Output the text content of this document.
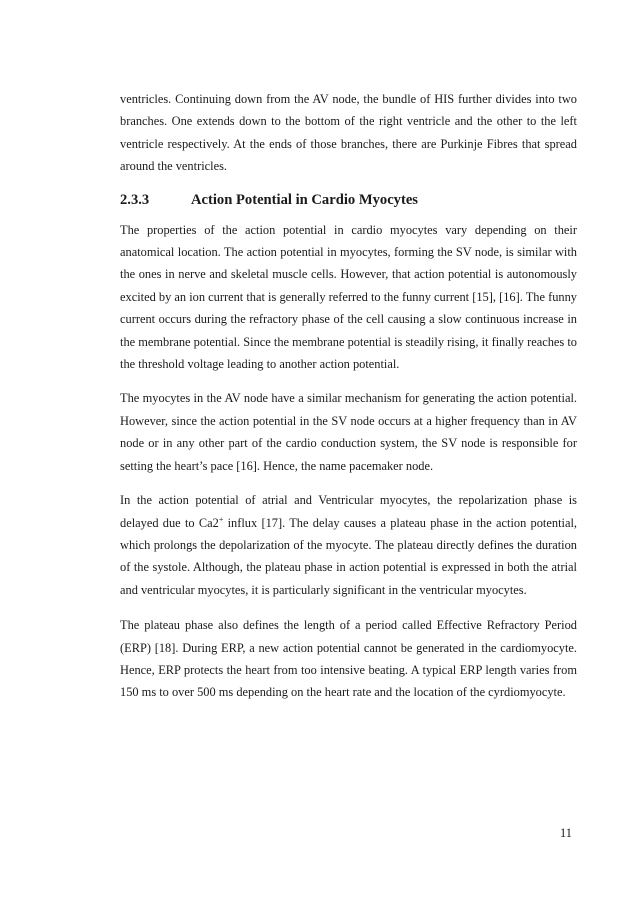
ventricles. Continuing down from the AV node, the bundle of HIS further divides into two branches. One extends down to the bottom of the right ventricle and the other to the left ventricle respectively. At the ends of those branches, there are Purkinje Fibres that spread around the ventricles.

2.3.3	Action Potential in Cardio Myocytes

The properties of the action potential in cardio myocytes vary depending on their anatomical location. The action potential in myocytes, forming the SV node, is similar with the ones in nerve and skeletal muscle cells. However, that action potential is autonomously excited by an ion current that is generally referred to the funny current [15], [16]. The funny current occurs during the refractory phase of the cell causing a slow continuous increase in the membrane potential. Since the membrane potential is steadily rising, it finally reaches to the threshold voltage leading to another action potential.

The myocytes in the AV node have a similar mechanism for generating the action potential. However, since the action potential in the SV node occurs at a higher frequency than in AV node or in any other part of the cardio conduction system, the SV node is responsible for setting the heart’s pace [16]. Hence, the name pacemaker node.

In the action potential of atrial and Ventricular myocytes, the repolarization phase is delayed due to Ca2+ influx [17]. The delay causes a plateau phase in the action potential, which prolongs the depolarization of the myocyte. The plateau directly defines the duration of the systole. Although, the plateau phase in action potential is expressed in both the atrial and ventricular myocytes, it is particularly significant in the ventricular myocytes.

The plateau phase also defines the length of a period called Effective Refractory Period (ERP) [18]. During ERP, a new action potential cannot be generated in the cardiomyocyte. Hence, ERP protects the heart from too intensive beating. A typical ERP length varies from 150 ms to over 500 ms depending on the heart rate and the location of the cyrdiomyocyte.

11
